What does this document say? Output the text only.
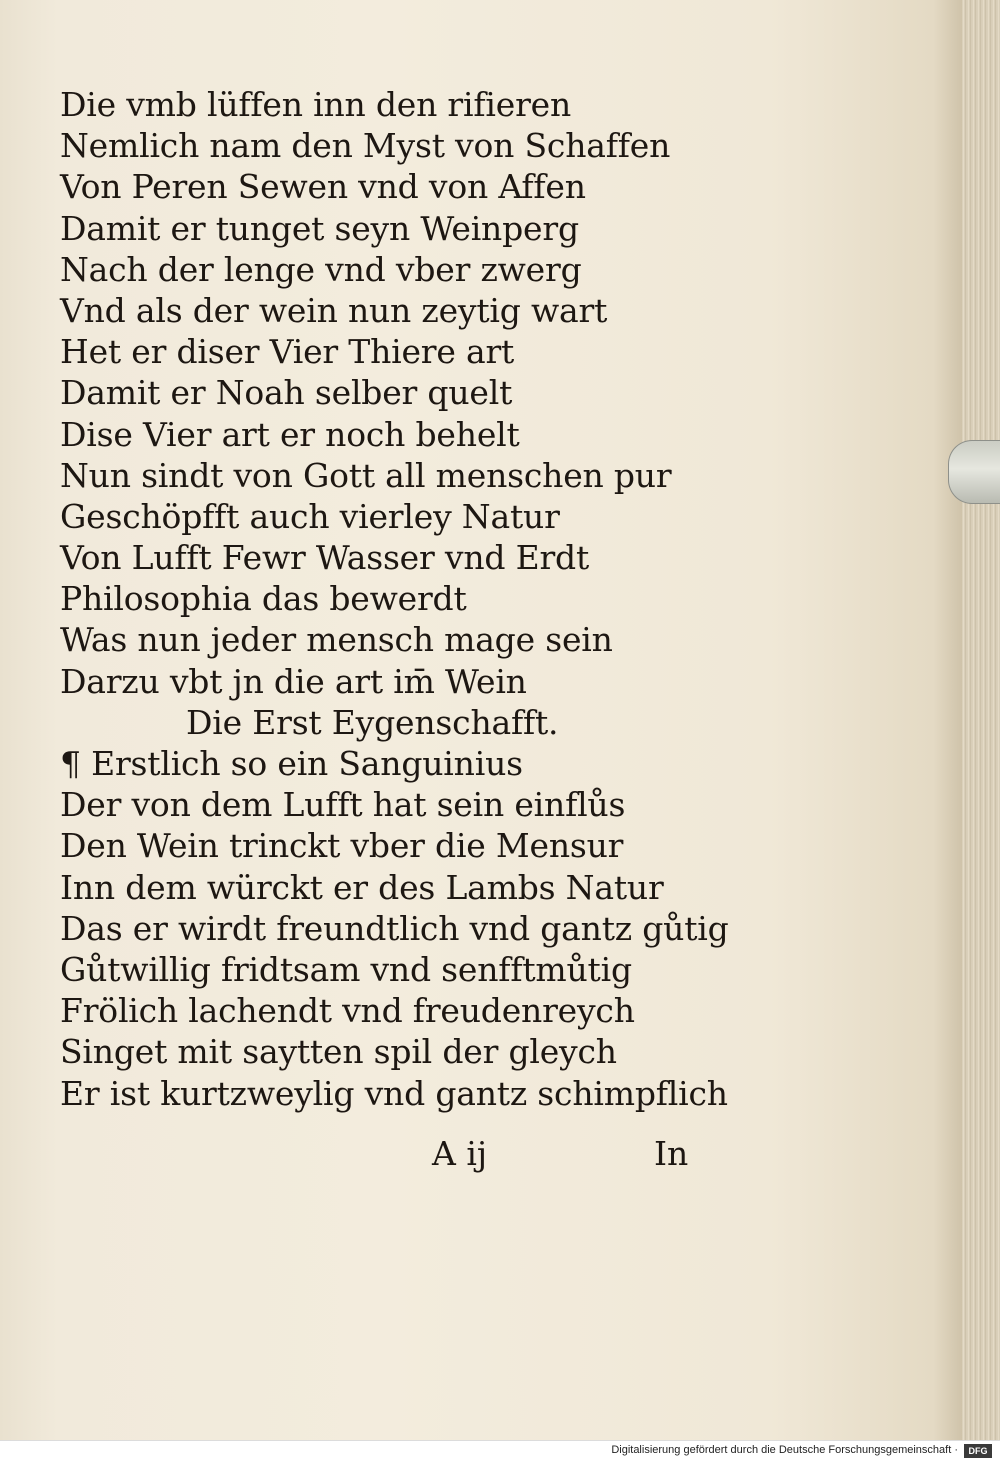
Die vmb lüffen inn den rifieren
Nemlich nam den Myst von Schaffen
Von Peren Sewen vnd von Affen
Damit er tunget seyn Weinperg
Nach der lenge vnd vber zwerg
Vnd als der wein nun zeytig wart
Het er diser Vier Thiere art
Damit er Noah selber quelt
Dise Vier art er noch behelt
Nun sindt von Gott all menschen pur
Geschöpfft auch vierley Natur
Von Lufft Fewr Wasser vnd Erdt
Philosophia das bewerdt
Was nun jeder mensch mage sein
Darzu vbt jn die art im̄ Wein
Die Erst Eygenschafft.
¶ Erstlich so ein Sanguinius
Der von dem Lufft hat sein einflůs
Den Wein trinckt vber die Mensur
Inn dem würckt er des Lambs Natur
Das er wirdt freundtlich vnd gantz gůtig
Gůtwillig fridtsam vnd senfftmůtig
Frölich lachendt vnd freudenreych
Singet mit saytten spil der gleych
Er ist kurtzweylig vnd gantz schimpflich
A ij	In
Digitalisierung gefördert durch die Deutsche Forschungsgemeinschaft ·	DFG
